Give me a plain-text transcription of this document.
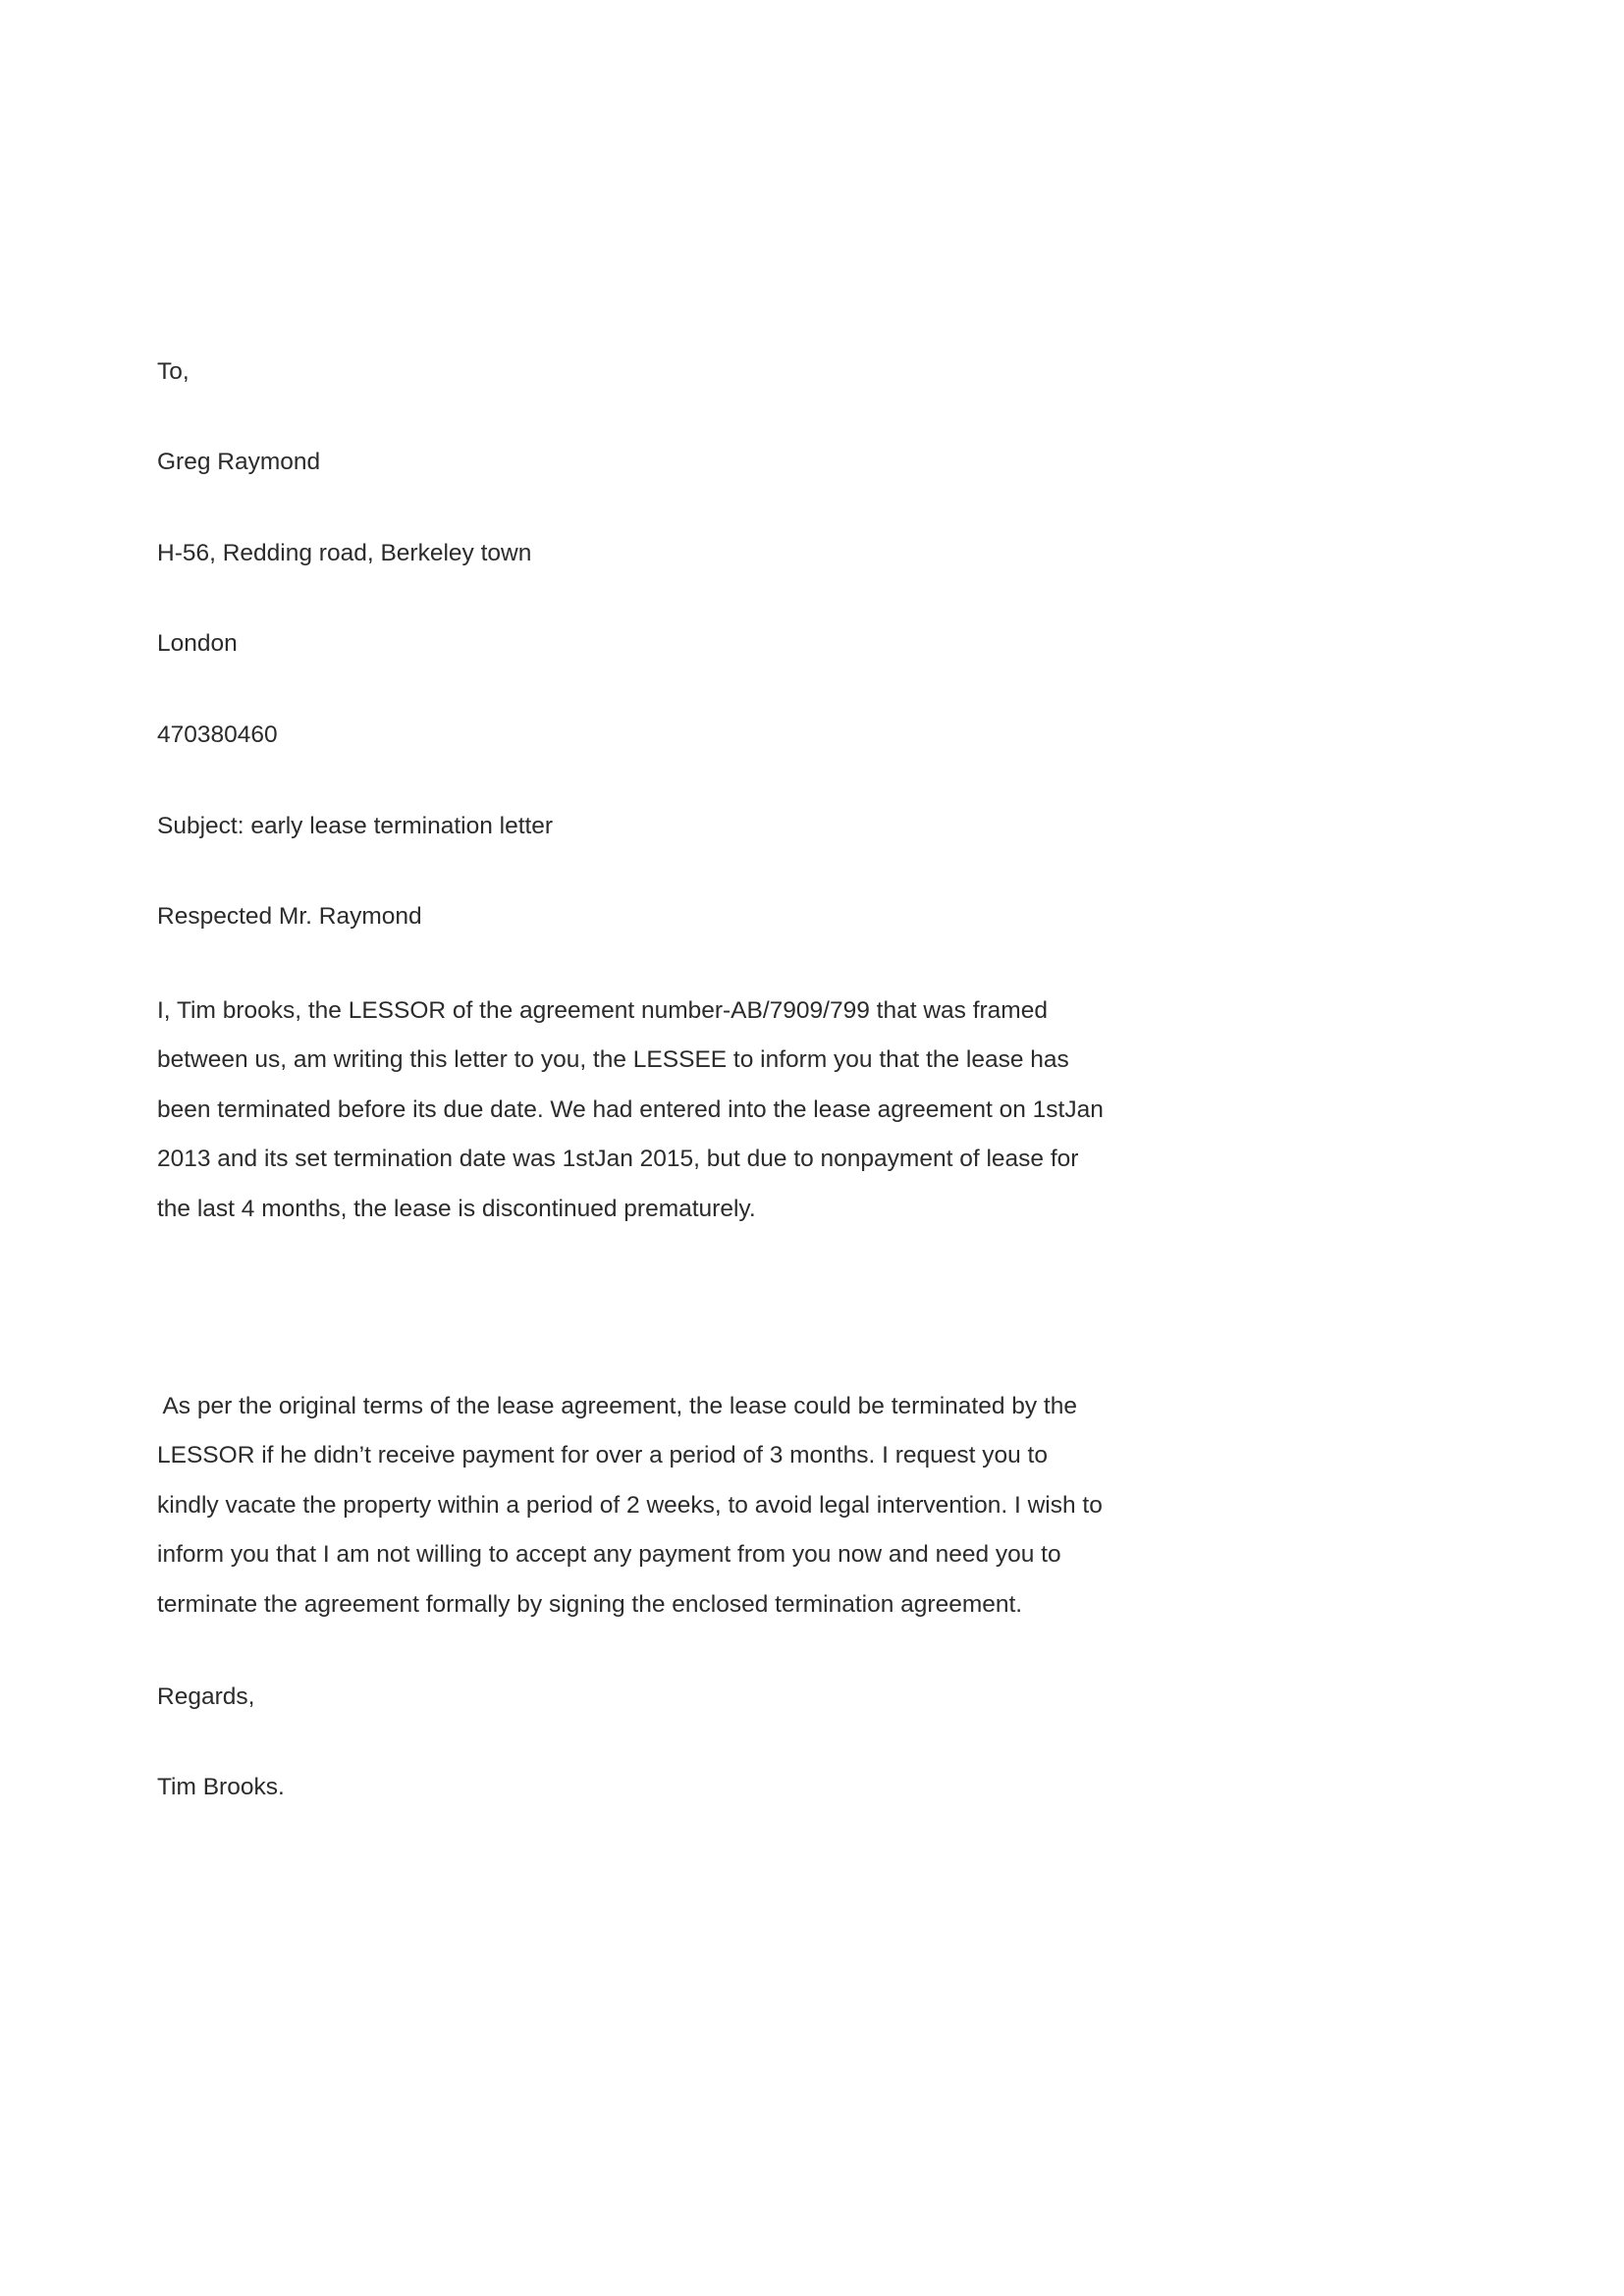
To,

Greg Raymond

H-56, Redding road, Berkeley town

London

470380460

Subject: early lease termination letter

Respected Mr. Raymond

I, Tim brooks, the LESSOR of the agreement number-AB/7909/799 that was framed
between us, am writing this letter to you, the LESSEE to inform you that the lease has
been terminated before its due date. We had entered into the lease agreement on 1stJan
2013 and its set termination date was 1stJan 2015, but due to nonpayment of lease for
the last 4 months, the lease is discontinued prematurely.
As per the original terms of the lease agreement, the lease could be terminated by the
LESSOR if he didn’t receive payment for over a period of 3 months. I request you to
kindly vacate the property within a period of 2 weeks, to avoid legal intervention. I wish to
inform you that I am not willing to accept any payment from you now and need you to
terminate the agreement formally by signing the enclosed termination agreement.

Regards,

Tim Brooks.
